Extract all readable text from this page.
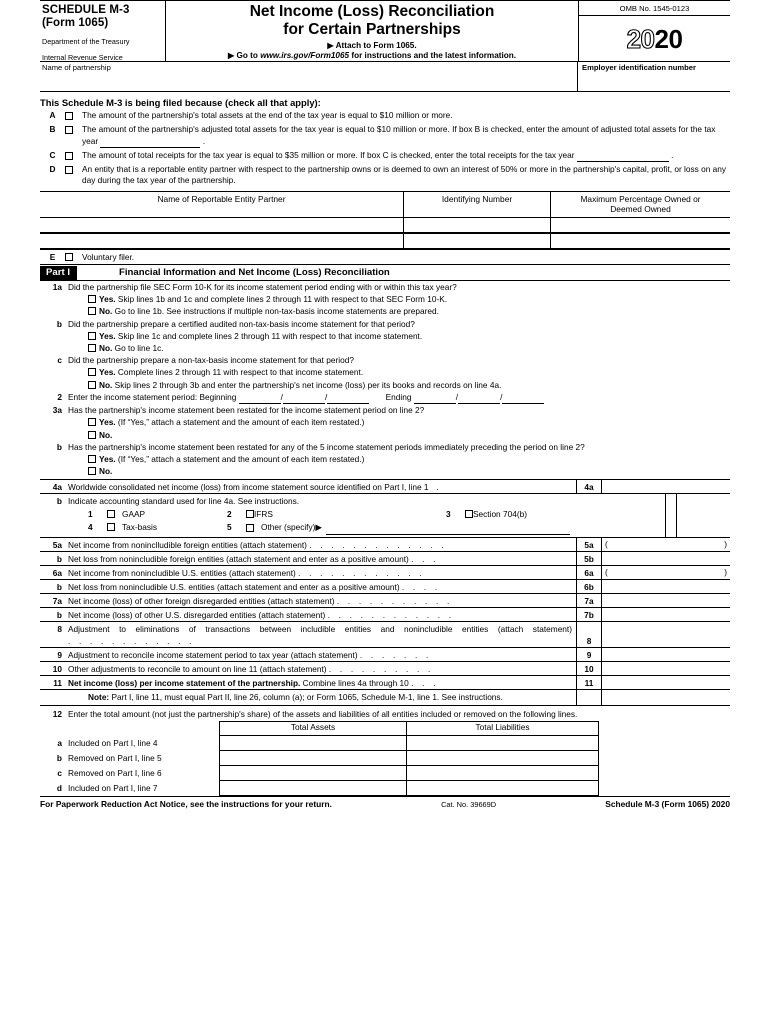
SCHEDULE M-3
(Form 1065)
Department of the Treasury
Internal Revenue Service
Net Income (Loss) Reconciliation
for Certain Partnerships
▶ Attach to Form 1065.
▶ Go to www.irs.gov/Form1065 for instructions and the latest information.
OMB No. 1545-0123
2020
Name of partnership	Employer identification number
This Schedule M-3 is being filed because (check all that apply):
A	The amount of the partnership's total assets at the end of the tax year is equal to $10 million or more.
B	The amount of the partnership's adjusted total assets for the tax year is equal to $10 million or more. If box B is checked, enter the amount of adjusted total assets for the tax year	.
C	The amount of total receipts for the tax year is equal to $35 million or more. If box C is checked, enter the total receipts for the tax year	.
D	An entity that is a reportable entity partner with respect to the partnership owns or is deemed to own an interest of 50% or more in the partnership's capital, profit, or loss on any day during the tax year of the partnership.
Name of Reportable Entity Partner	Identifying Number	Maximum Percentage Owned or
Deemed Owned
E	Voluntary filer.
Part I	Financial Information and Net Income (Loss) Reconciliation
1a Did the partnership file SEC Form 10-K for its income statement period ending with or within this tax year?
Yes. Skip lines 1b and 1c and complete lines 2 through 11 with respect to that SEC Form 10-K.
No. Go to line 1b. See instructions if multiple non-tax-basis income statements are prepared.
b Did the partnership prepare a certified audited non-tax-basis income statement for that period?
Yes. Skip line 1c and complete lines 2 through 11 with respect to that income statement.
No. Go to line 1c.
c Did the partnership prepare a non-tax-basis income statement for that period?
Yes. Complete lines 2 through 11 with respect to that income statement.
No. Skip lines 2 through 3b and enter the partnership's net income (loss) per its books and records on line 4a.
2 Enter the income statement period: Beginning	/	/	Ending	/	/
3a Has the partnership's income statement been restated for the income statement period on line 2?
Yes. (If “Yes,” attach a statement and the amount of each item restated.)
No.
b Has the partnership's income statement been restated for any of the 5 income statement periods immediately preceding the period on line 2?
Yes. (If “Yes,” attach a statement and the amount of each item restated.)
No.
4a Worldwide consolidated net income (loss) from income statement source identified on Part I, line 1  .	4a
b Indicate accounting standard used for line 4a. See instructions.
1	GAAP	2	IFRS	3	Section 704(b)
4	Tax-basis	5	Other (specify) ▶

5a Net income from noninclludible foreign entities (attach statement) . . . . . . . . . . . . .	5a	(	)
b Net loss from nonincludible foreign entities (attach statement and enter as a positive amount) . . .	5b
6a Net income from nonincludible U.S. entities (attach statement) . . . . . . . . . . . .	6a	(	)
b Net loss from nonincludible U.S. entities (attach statement and enter as a positive amount) . . . .	6b
7a Net income (loss) of other foreign disregarded entities (attach statement) . . . . . . . . . . .	7a
b Net income (loss) of other U.S. disregarded entities (attach statement) . . . . . . . . . . . .	7b
8 Adjustment to eliminations of transactions between includible entities and nonincludible entities (attach statement) . . . . . . . . . . . .	8
9 Adjustment to reconcile income statement period to tax year (attach statement) . . . . . . .	9
10 Other adjustments to reconcile to amount on line 11 (attach statement) . . . . . . . . . .	10
11 Net income (loss) per income statement of the partnership. Combine lines 4a through 10 . . .	11
Note: Part I, line 11, must equal Part II, line 26, column (a); or Form 1065, Schedule M-1, line 1. See instructions.
12 Enter the total amount (not just the partnership's share) of the assets and liabilities of all entities included or removed on the following lines.
Total Assets	Total Liabilities
a Included on Part I, line 4
b Removed on Part I, line 5
c Removed on Part I, line 6
d Included on Part I, line 7
For Paperwork Reduction Act Notice, see the instructions for your return.	Cat. No. 39669D	Schedule M-3 (Form 1065) 2020
